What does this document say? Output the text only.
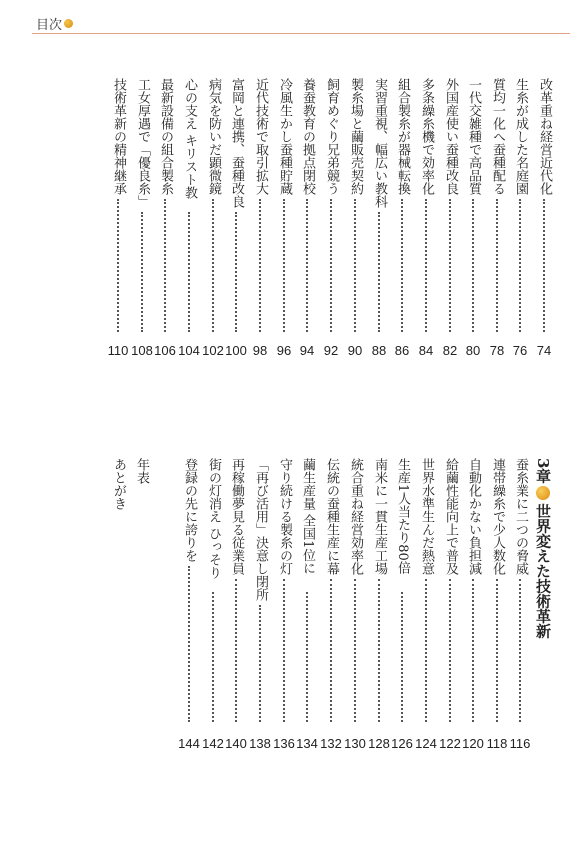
目次
改革重ね経営近代化
74
生糸が成した名庭園
76
質均一化へ蚕種配る
78
一代交雑種で高品質
80
外国産使い蚕種改良
82
多条繰糸機で効率化
84
組合製糸が器械転換
86
実習重視、幅広い教科
88
製糸場と繭販売契約
90
飼育めぐり兄弟競う
92
養蚕教育の拠点閉校
94
冷風生かし蚕種貯蔵
96
近代技術で取引拡大
98
富岡と連携、蚕種改良
100
病気を防いだ顕微鏡
102
心の支え キリスト教
104
最新設備の組合製糸
106
工女厚遇で「優良糸」
108
技術革新の精神継承
110
3章世界変えた技術革新
蚕糸業に二つの脅威
116
連帯繰糸で少人数化
118
自動化かない負担減
120
給繭性能向上で普及
122
世界水準生んだ熱意
124
生産1人当たり80倍
126
南米に一貫生産工場
128
統合重ね経営効率化
130
伝統の蚕種生産に幕
132
繭生産量 全国1位に
134
守り続ける製糸の灯
136
「再び活用」決意し閉所
138
再稼働夢見る従業員
140
街の灯消え ひっそり
142
登録の先に誇りを
144
年表
あとがき
